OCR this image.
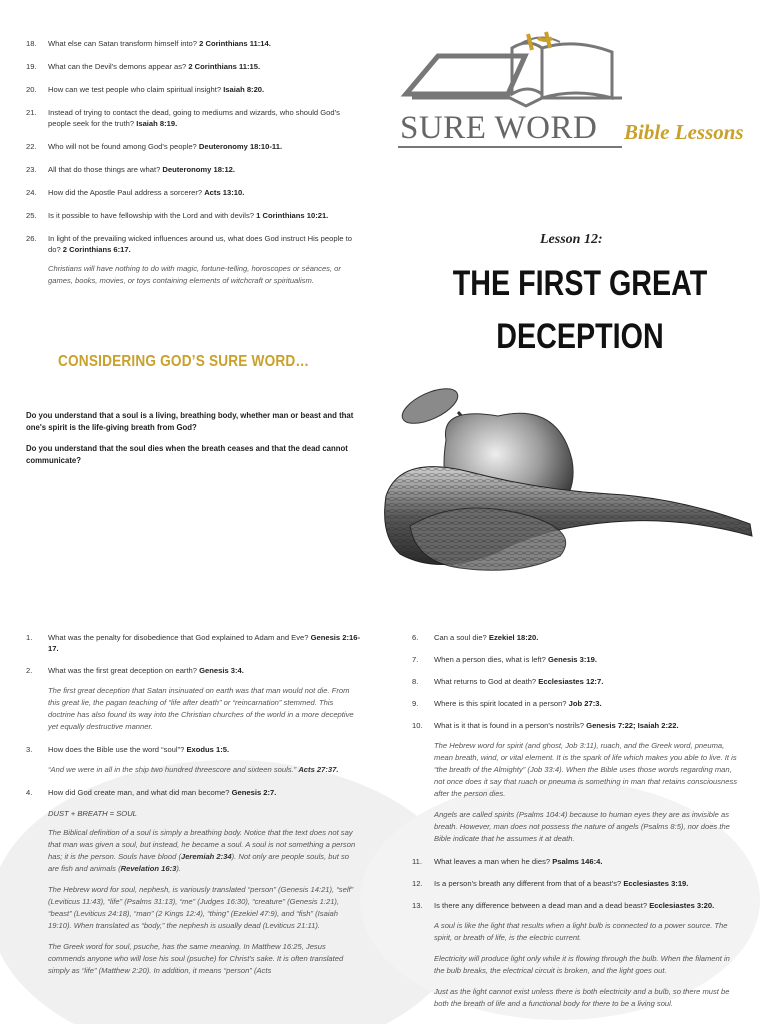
18.	What else can Satan transform himself into? 2 Corinthians 11:14.
19.	What can the Devil's demons appear as? 2 Corinthians 11:15.
20.	How can we test people who claim spiritual insight? Isaiah 8:20.
21.	Instead of trying to contact the dead, going to mediums and wizards, who should God's people seek for the truth? Isaiah 8:19.
22.	Who will not be found among God's people? Deuteronomy 18:10-11.
23.	All that do those things are what? Deuteronomy 18:12.
24.	How did the Apostle Paul address a sorcerer? Acts 13:10.
25.	Is it possible to have fellowship with the Lord and with devils? 1 Corinthians 10:21.
26.	In light of the prevailing wicked influences around us, what does God instruct His people to do? 2 Corinthians 6:17.

Christians will have nothing to do with magic, fortune-telling, horoscopes or séances, or games, books, movies, or toys containing elements of witchcraft or spiritualism.

CONSIDERING GOD’S SURE WORD…

Do you understand that a soul is a living, breathing body, whether man or beast and that one's spirit is the life-giving breath from God?

Do you understand that the soul dies when the breath ceases and that the dead cannot communicate?

SURE WORD Bible Lessons
Lesson 12:
THE FIRST GREAT
DECEPTION
1.	What was the penalty for disobedience that God explained to Adam and Eve? Genesis 2:16-17.
2.	What was the first great deception on earth? Genesis 3:4.

The first great deception that Satan insinuated on earth was that man would not die. From this great lie, the pagan teaching of “life after death” or “reincarnation” stemmed. This doctrine has also found its way into the Christian churches of the world in a more deceptive yet equally destructive manner.

3.	How does the Bible use the word “soul”? Exodus 1:5.

“And we were in all in the ship two hundred threescore and sixteen souls.” Acts 27:37.

4.	How did God create man, and what did man become? Genesis 2:7.

DUST + BREATH = SOUL

The Biblical definition of a soul is simply a breathing body. Notice that the text does not say that man was given a soul, but instead, he became a soul. A soul is not something a person has; it is the person. Souls have blood (Jeremiah 2:34). Not only are people souls, but so are fish and animals (Revelation 16:3).

The Hebrew word for soul, nephesh, is variously translated “person” (Genesis 14:21), “self” (Leviticus 11:43), “life” (Psalms 31:13), “me” (Judges 16:30), “creature” (Genesis 1:21), “beast” (Leviticus 24:18), “man” (2 Kings 12:4), “thing” (Ezekiel 47:9), and “fish” (Isaiah 19:10). When translated as “body,” the nephesh is usually dead (Leviticus 21:11).

The Greek word for soul, psuche, has the same meaning. In Matthew 16:25, Jesus commends anyone who will lose his soul (psuche) for Christ's sake. It is often translated simply as “life” (Matthew 2:20). In addition, it means “person” (Acts

6.	Can a soul die? Ezekiel 18:20.
7.	When a person dies, what is left? Genesis 3:19.
8.	What returns to God at death? Ecclesiastes 12:7.
9.	Where is this spirit located in a person? Job 27:3.
10.	What is it that is found in a person's nostrils? Genesis 7:22; Isaiah 2:22.

The Hebrew word for spirit (and ghost, Job 3:11), ruach, and the Greek word, pneuma, mean breath, wind, or vital element. It is the spark of life which makes you able to live. It is “the breath of the Almighty” (Job 33:4). When the Bible uses those words regarding man, not once does it say that ruach or pneuma is something in man that retains consciousness after the person dies.

Angels are called spirits (Psalms 104:4) because to human eyes they are as invisible as breath. However, man does not possess the nature of angels (Psalms 8:5), nor does the Bible indicate that he assumes it at death.

11.	What leaves a man when he dies? Psalms 146:4.
12.	Is a person's breath any different from that of a beast's? Ecclesiastes 3:19.
13.	Is there any difference between a dead man and a dead beast? Ecclesiastes 3:20.

A soul is like the light that results when a light bulb is connected to a power source. The spirit, or breath of life, is the electric current.

Electricity will produce light only while it is flowing through the bulb. When the filament in the bulb breaks, the electrical circuit is broken, and the light goes out.

Just as the light cannot exist unless there is both electricity and a bulb, so there must be both the breath of life and a functional body for there to be a living soul.
